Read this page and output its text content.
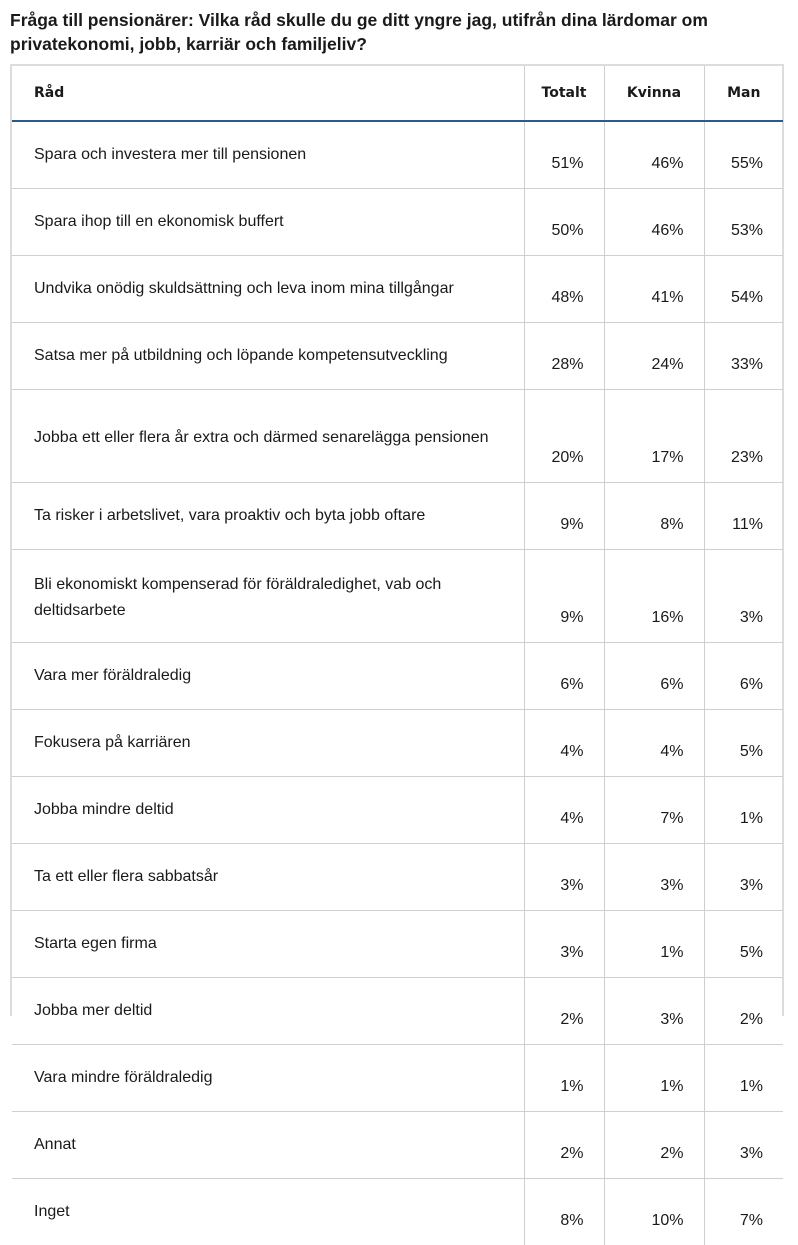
Fråga till pensionärer: Vilka råd skulle du ge ditt yngre jag, utifrån dina lärdomar om privatekonomi, jobb, karriär och familjeliv?
Råd	Totalt	Kvinna	Man
Spara och investera mer till pensionen	51%	46%	55%
Spara ihop till en ekonomisk buffert	50%	46%	53%
Undvika onödig skuldsättning och leva inom mina tillgångar	48%	41%	54%
Satsa mer på utbildning och löpande kompetensutveckling	28%	24%	33%
Jobba ett eller flera år extra och därmed senarelägga pensionen	20%	17%	23%
Ta risker i arbetslivet, vara proaktiv och byta jobb oftare	9%	8%	11%
Bli ekonomiskt kompenserad för föräldraledighet, vab och deltidsarbete	9%	16%	3%
Vara mer föräldraledig	6%	6%	6%
Fokusera på karriären	4%	4%	5%
Jobba mindre deltid	4%	7%	1%
Ta ett eller flera sabbatsår	3%	3%	3%
Starta egen firma	3%	1%	5%
Jobba mer deltid	2%	3%	2%
Vara mindre föräldraledig	1%	1%	1%
Annat	2%	2%	3%
Inget	8%	10%	7%
